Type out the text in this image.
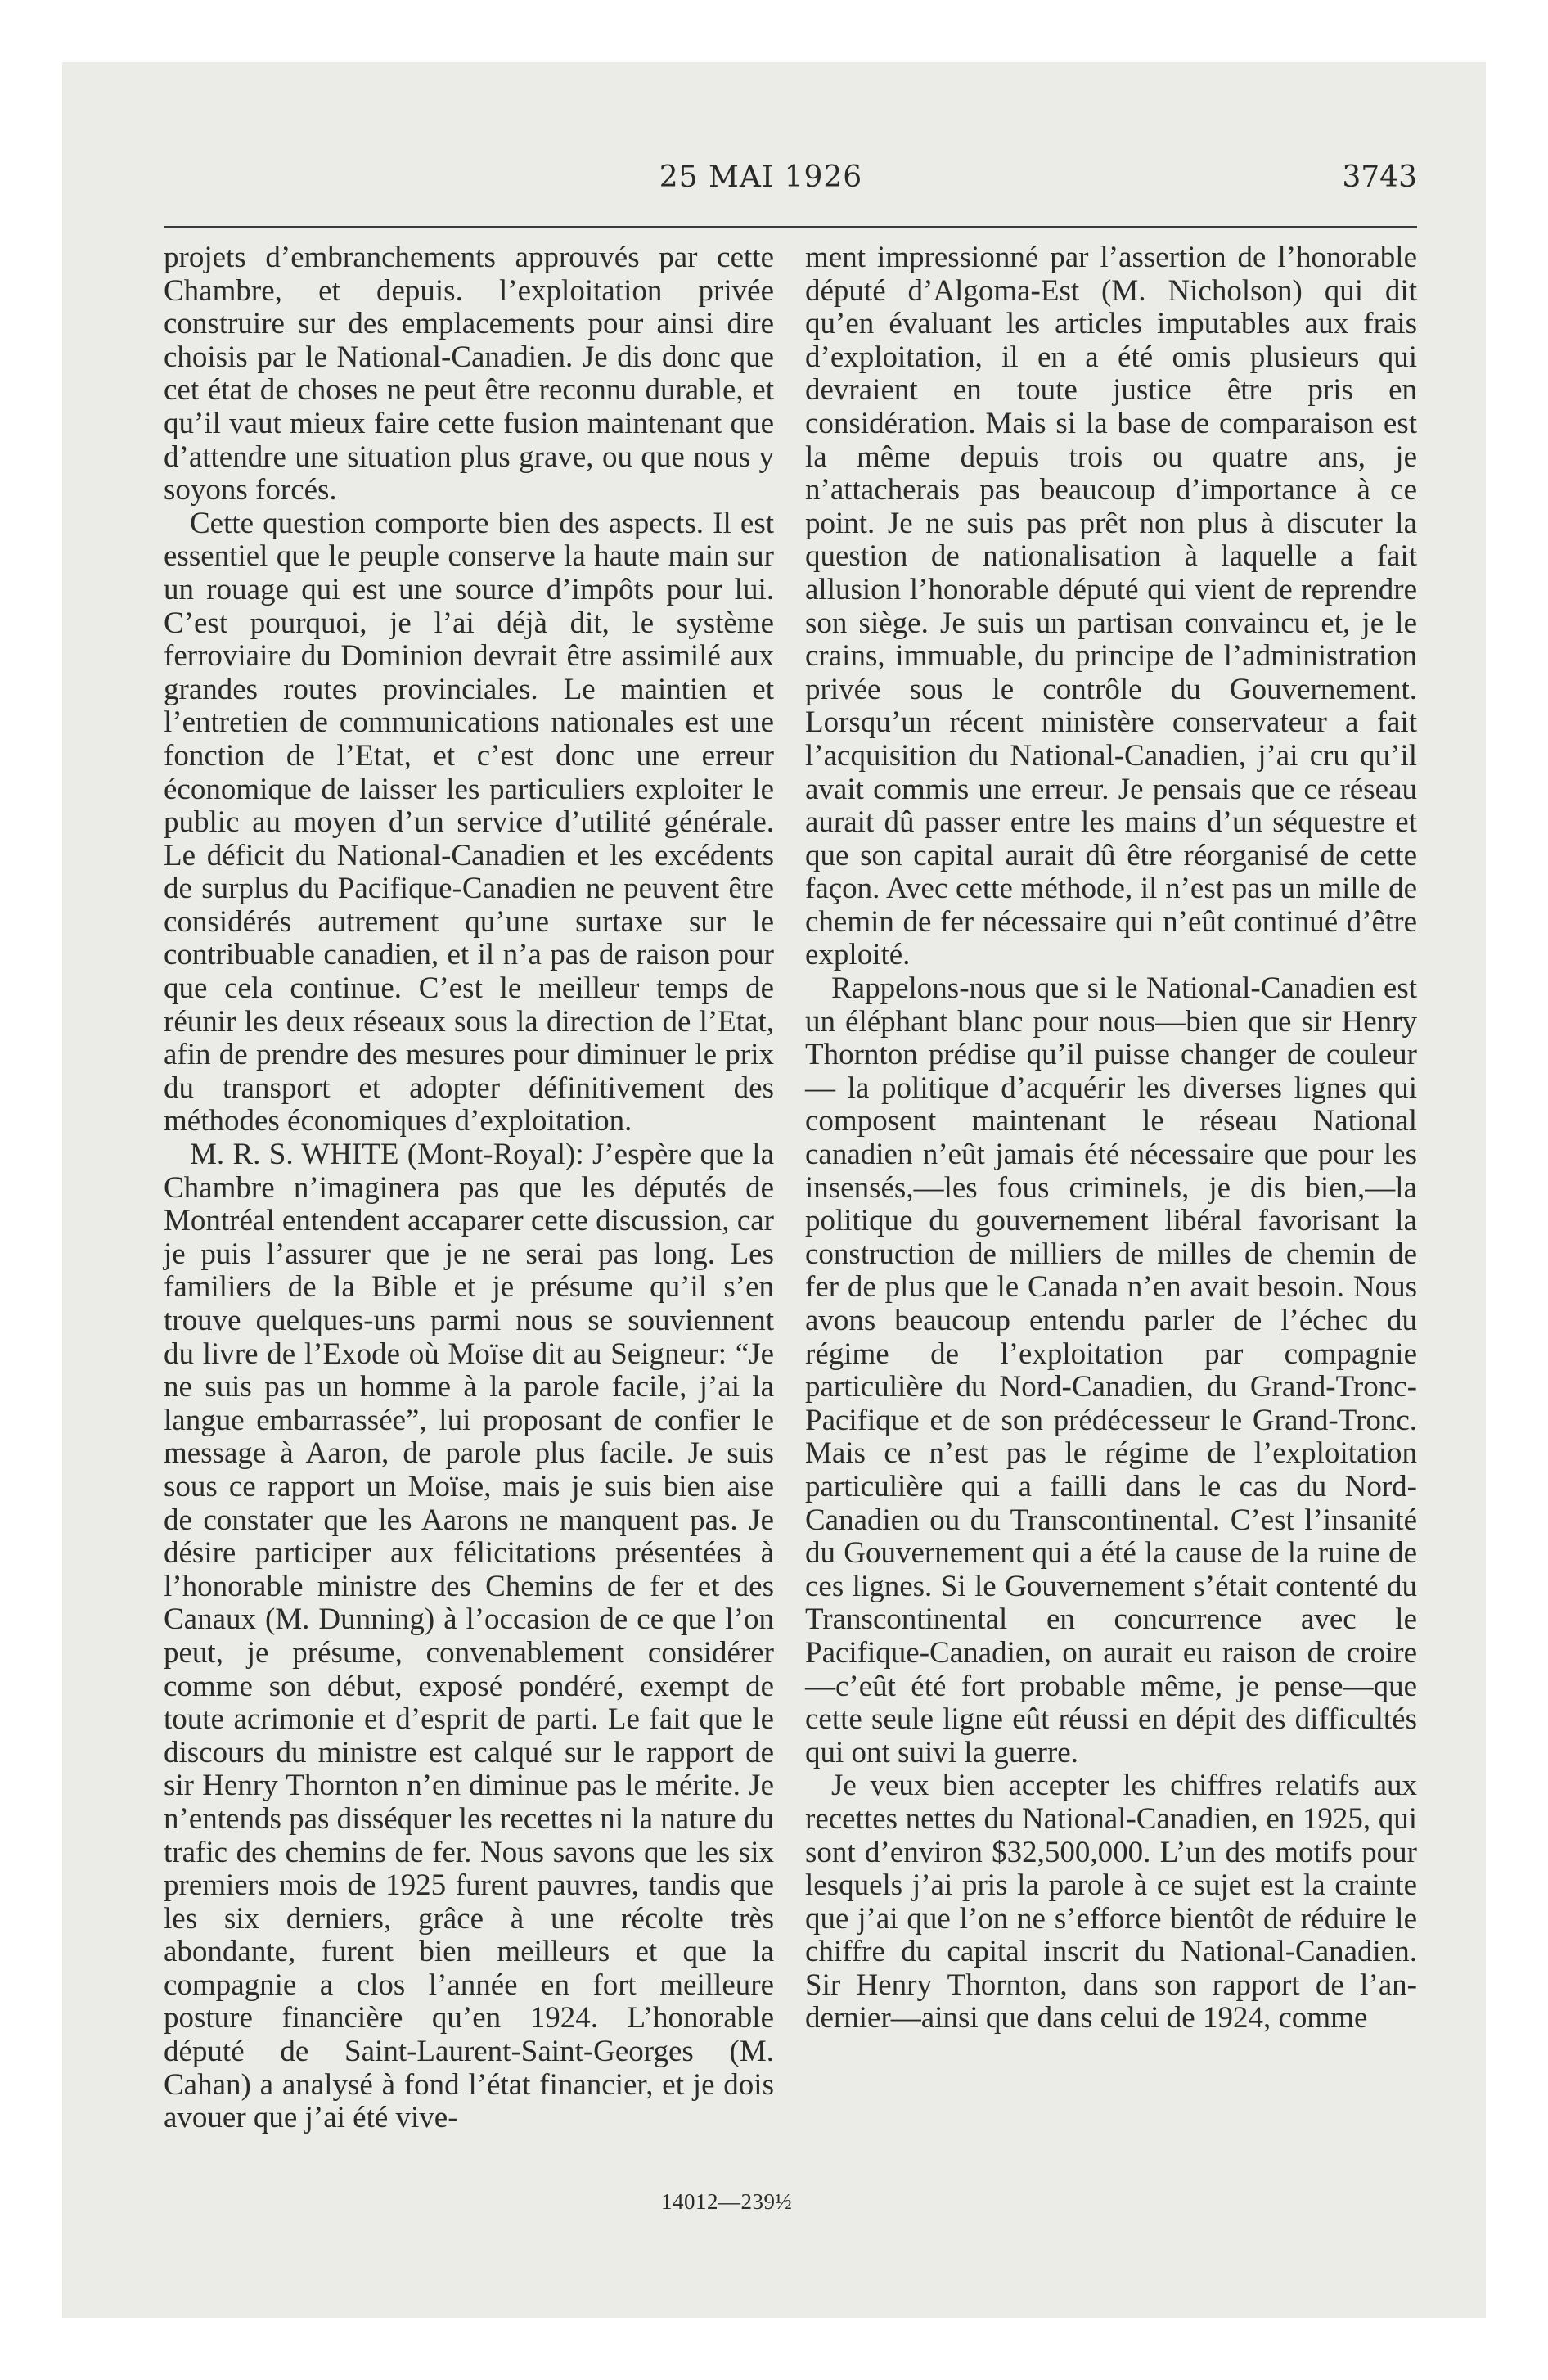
25 MAI 1926	3743

projets d’embranchements approuvés par cette Chambre, et depuis. l’exploitation privée construire sur des emplacements pour ainsi dire choisis par le National-Canadien. Je dis donc que cet état de choses ne peut être reconnu durable, et qu’il vaut mieux faire cette fusion maintenant que d’attendre une situation plus grave, ou que nous y soyons forcés.

Cette question comporte bien des aspects. Il est essentiel que le peuple conserve la haute main sur un rouage qui est une source d’impôts pour lui. C’est pourquoi, je l’ai déjà dit, le système ferroviaire du Dominion devrait être assimilé aux grandes routes provinciales. Le maintien et l’entretien de communications nationales est une fonction de l’Etat, et c’est donc une erreur économique de laisser les particuliers exploiter le public au moyen d’un service d’utilité générale. Le déficit du National-Canadien et les excédents de surplus du Pacifique-Canadien ne peuvent être considérés autrement qu’une surtaxe sur le contribuable canadien, et il n’a pas de raison pour que cela continue. C’est le meilleur temps de réunir les deux réseaux sous la direction de l’Etat, afin de prendre des mesures pour diminuer le prix du transport et adopter définitivement des méthodes économiques d’exploitation.

M. R. S. WHITE (Mont-Royal): J’espère que la Chambre n’imaginera pas que les députés de Montréal entendent accaparer cette discussion, car je puis l’assurer que je ne serai pas long. Les familiers de la Bible et je présume qu’il s’en trouve quelques-uns parmi nous se souviennent du livre de l’Exode où Moïse dit au Seigneur: “Je ne suis pas un homme à la parole facile, j’ai la langue embarrassée”, lui proposant de confier le message à Aaron, de parole plus facile. Je suis sous ce rapport un Moïse, mais je suis bien aise de constater que les Aarons ne manquent pas. Je désire participer aux félicitations présentées à l’honorable ministre des Chemins de fer et des Canaux (M. Dunning) à l’occasion de ce que l’on peut, je présume, convenablement considérer comme son début, exposé pondéré, exempt de toute acrimonie et d’esprit de parti. Le fait que le discours du ministre est calqué sur le rapport de sir Henry Thornton n’en diminue pas le mérite. Je n’entends pas disséquer les recettes ni la nature du trafic des chemins de fer. Nous savons que les six premiers mois de 1925 furent pauvres, tandis que les six derniers, grâce à une récolte très abondante, furent bien meilleurs et que la compagnie a clos l’année en fort meilleure posture financière qu’en 1924. L’honorable député de Saint-Laurent-Saint-Georges (M. Cahan) a analysé à fond l’état financier, et je dois avouer que j’ai été vive-

ment impressionné par l’assertion de l’honorable député d’Algoma-Est (M. Nicholson) qui dit qu’en évaluant les articles imputables aux frais d’exploitation, il en a été omis plusieurs qui devraient en toute justice être pris en considération. Mais si la base de comparaison est la même depuis trois ou quatre ans, je n’attacherais pas beaucoup d’importance à ce point. Je ne suis pas prêt non plus à discuter la question de nationalisation à laquelle a fait allusion l’honorable député qui vient de reprendre son siège. Je suis un partisan convaincu et, je le crains, immuable, du principe de l’administration privée sous le contrôle du Gouvernement. Lorsqu’un récent ministère conservateur a fait l’acquisition du National-Canadien, j’ai cru qu’il avait commis une erreur. Je pensais que ce réseau aurait dû passer entre les mains d’un séquestre et que son capital aurait dû être réorganisé de cette façon. Avec cette méthode, il n’est pas un mille de chemin de fer nécessaire qui n’eût continué d’être exploité.

Rappelons-nous que si le National-Canadien est un éléphant blanc pour nous—bien que sir Henry Thornton prédise qu’il puisse changer de couleur— la politique d’acquérir les diverses lignes qui composent maintenant le réseau National canadien n’eût jamais été nécessaire que pour les insensés,—les fous criminels, je dis bien,—la politique du gouvernement libéral favorisant la construction de milliers de milles de chemin de fer de plus que le Canada n’en avait besoin. Nous avons beaucoup entendu parler de l’échec du régime de l’exploitation par compagnie particulière du Nord-Canadien, du Grand-Tronc-Pacifique et de son prédécesseur le Grand-Tronc. Mais ce n’est pas le régime de l’exploitation particulière qui a failli dans le cas du Nord-Canadien ou du Transcontinental. C’est l’insanité du Gouvernement qui a été la cause de la ruine de ces lignes. Si le Gouvernement s’était contenté du Transcontinental en concurrence avec le Pacifique-Canadien, on aurait eu raison de croire—c’eût été fort probable même, je pense—que cette seule ligne eût réussi en dépit des difficultés qui ont suivi la guerre.

Je veux bien accepter les chiffres relatifs aux recettes nettes du National-Canadien, en 1925, qui sont d’environ $32,500,000. L’un des motifs pour lesquels j’ai pris la parole à ce sujet est la crainte que j’ai que l’on ne s’efforce bientôt de réduire le chiffre du capital inscrit du National-Canadien. Sir Henry Thornton, dans son rapport de l’an-dernier—ainsi que dans celui de 1924, comme

14012—239½
